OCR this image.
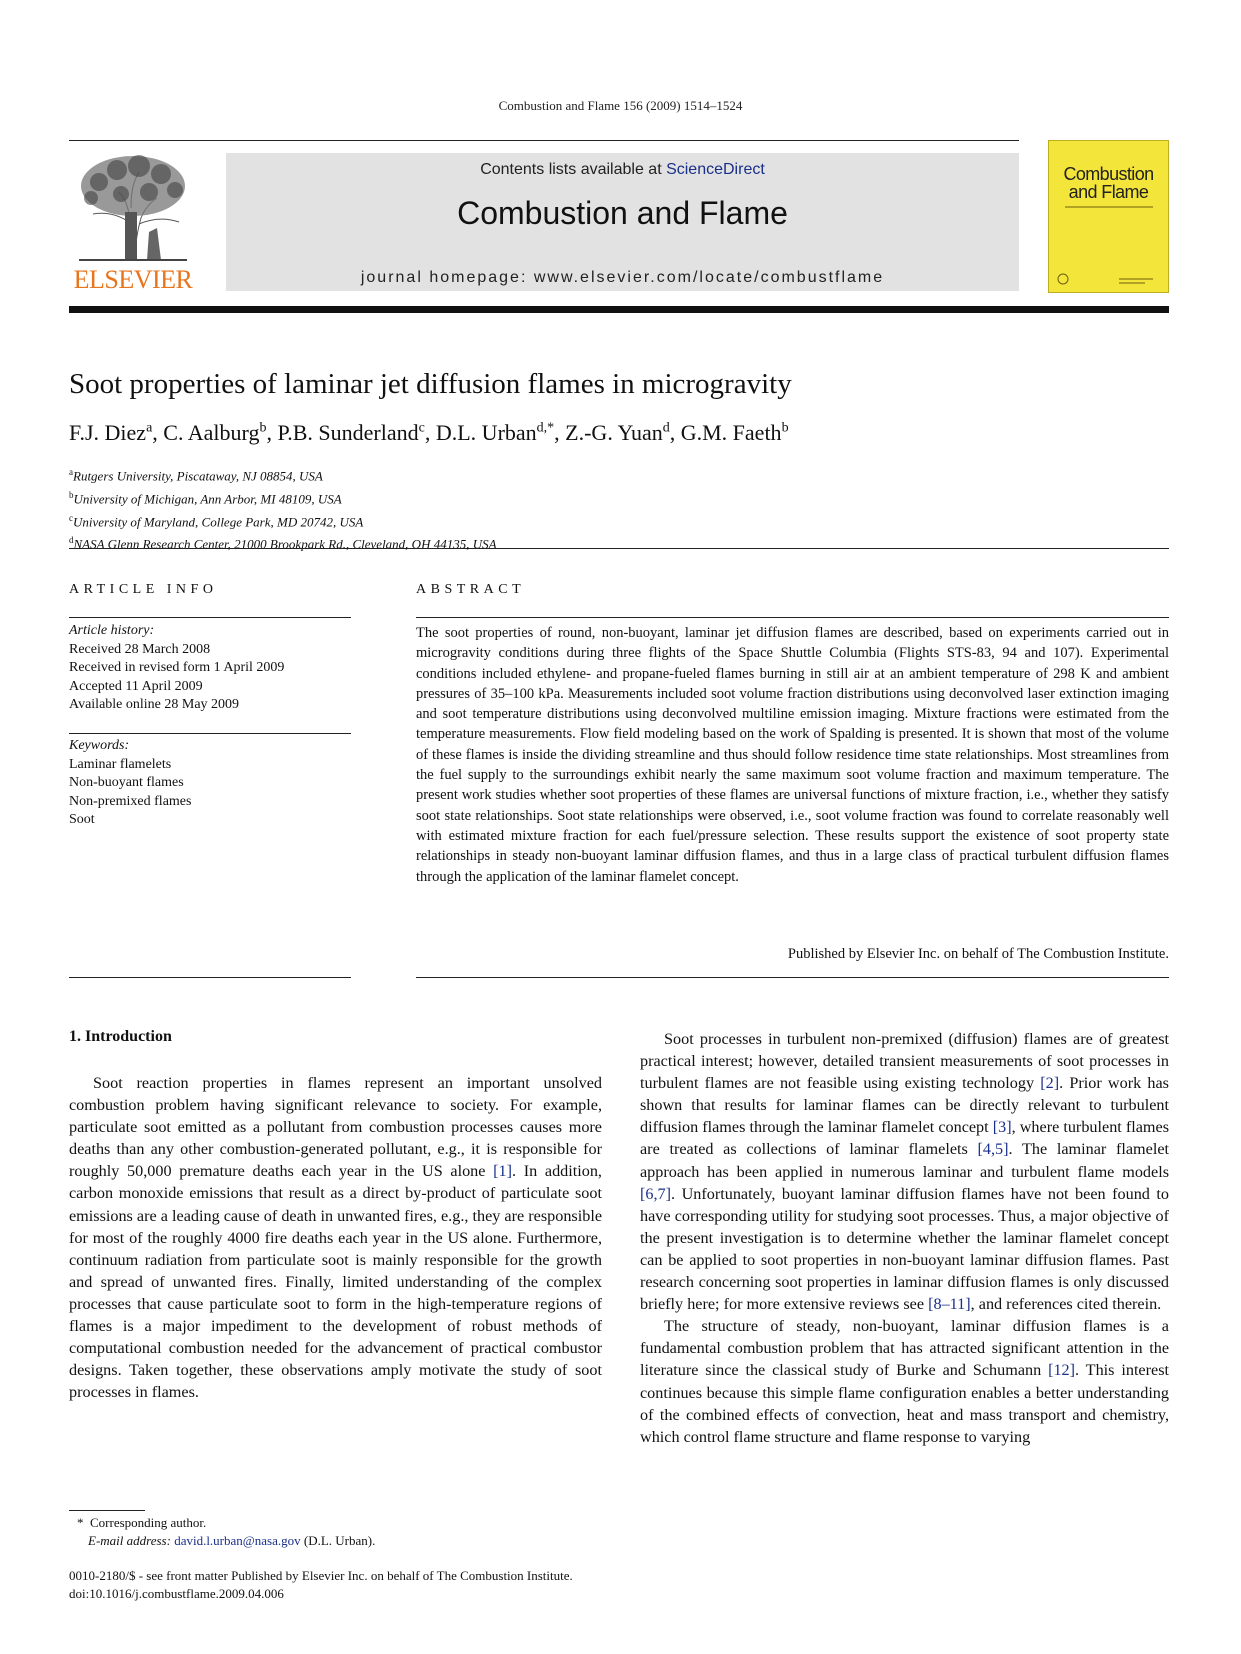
Combustion and Flame 156 (2009) 1514–1524
ELSEVIER
Contents lists available at ScienceDirect
Combustion and Flame
journal homepage: www.elsevier.com/locate/combustflame
Combustion and Flame
Soot properties of laminar jet diffusion flames in microgravity
F.J. Diez$^a$, C. Aalburg$^b$, P.B. Sunderland$^c$, D.L. Urban$^{d,*}$, Z.-G. Yuan$^d$, G.M. Faeth$^b$
$^a$Rutgers University, Piscataway, NJ 08854, USA
$^b$University of Michigan, Ann Arbor, MI 48109, USA
$^c$University of Maryland, College Park, MD 20742, USA
$^d$NASA Glenn Research Center, 21000 Brookpark Rd., Cleveland, OH 44135, USA
ARTICLE INFO
Article history:
Received 28 March 2008
Received in revised form 1 April 2009
Accepted 11 April 2009
Available online 28 May 2009
Keywords:
Laminar flamelets
Non-buoyant flames
Non-premixed flames
Soot
ABSTRACT
The soot properties of round, non-buoyant, laminar jet diffusion flames are described, based on experiments carried out in microgravity conditions during three flights of the Space Shuttle Columbia (Flights STS-83, 94 and 107). Experimental conditions included ethylene- and propane-fueled flames burning in still air at an ambient temperature of 298 K and ambient pressures of 35–100 kPa. Measurements included soot volume fraction distributions using deconvolved laser extinction imaging and soot temperature distributions using deconvolved multiline emission imaging. Mixture fractions were estimated from the temperature measurements. Flow field modeling based on the work of Spalding is presented. It is shown that most of the volume of these flames is inside the dividing streamline and thus should follow residence time state relationships. Most streamlines from the fuel supply to the surroundings exhibit nearly the same maximum soot volume fraction and maximum temperature. The present work studies whether soot properties of these flames are universal functions of mixture fraction, i.e., whether they satisfy soot state relationships. Soot state relationships were observed, i.e., soot volume fraction was found to correlate reasonably well with estimated mixture fraction for each fuel/pressure selection. These results support the existence of soot property state relationships in steady non-buoyant laminar diffusion flames, and thus in a large class of practical turbulent diffusion flames through the application of the laminar flamelet concept.
Published by Elsevier Inc. on behalf of The Combustion Institute.
1. Introduction

Soot reaction properties in flames represent an important unsolved combustion problem having significant relevance to society. For example, particulate soot emitted as a pollutant from combustion processes causes more deaths than any other combustion-generated pollutant, e.g., it is responsible for roughly 50,000 premature deaths each year in the US alone [1]. In addition, carbon monoxide emissions that result as a direct by-product of particulate soot emissions are a leading cause of death in unwanted fires, e.g., they are responsible for most of the roughly 4000 fire deaths each year in the US alone. Furthermore, continuum radiation from particulate soot is mainly responsible for the growth and spread of unwanted fires. Finally, limited understanding of the complex processes that cause particulate soot to form in the high-temperature regions of flames is a major impediment to the development of robust methods of computational combustion needed for the advancement of practical combustor designs. Taken together, these observations amply motivate the study of soot processes in flames.

Soot processes in turbulent non-premixed (diffusion) flames are of greatest practical interest; however, detailed transient measurements of soot processes in turbulent flames are not feasible using existing technology [2]. Prior work has shown that results for laminar flames can be directly relevant to turbulent diffusion flames through the laminar flamelet concept [3], where turbulent flames are treated as collections of laminar flamelets [4,5]. The laminar flamelet approach has been applied in numerous laminar and turbulent flame models [6,7]. Unfortunately, buoyant laminar diffusion flames have not been found to have corresponding utility for studying soot processes. Thus, a major objective of the present investigation is to determine whether the laminar flamelet concept can be applied to soot properties in non-buoyant laminar diffusion flames. Past research concerning soot properties in laminar diffusion flames is only discussed briefly here; for more extensive reviews see [8–11], and references cited therein.

The structure of steady, non-buoyant, laminar diffusion flames is a fundamental combustion problem that has attracted significant attention in the literature since the classical study of Burke and Schumann [12]. This interest continues because this simple flame configuration enables a better understanding of the combined effects of convection, heat and mass transport and chemistry, which control flame structure and flame response to varying

* Corresponding author.
E-mail address: david.l.urban@nasa.gov (D.L. Urban).
0010-2180/$ - see front matter Published by Elsevier Inc. on behalf of The Combustion Institute.
doi:10.1016/j.combustflame.2009.04.006
